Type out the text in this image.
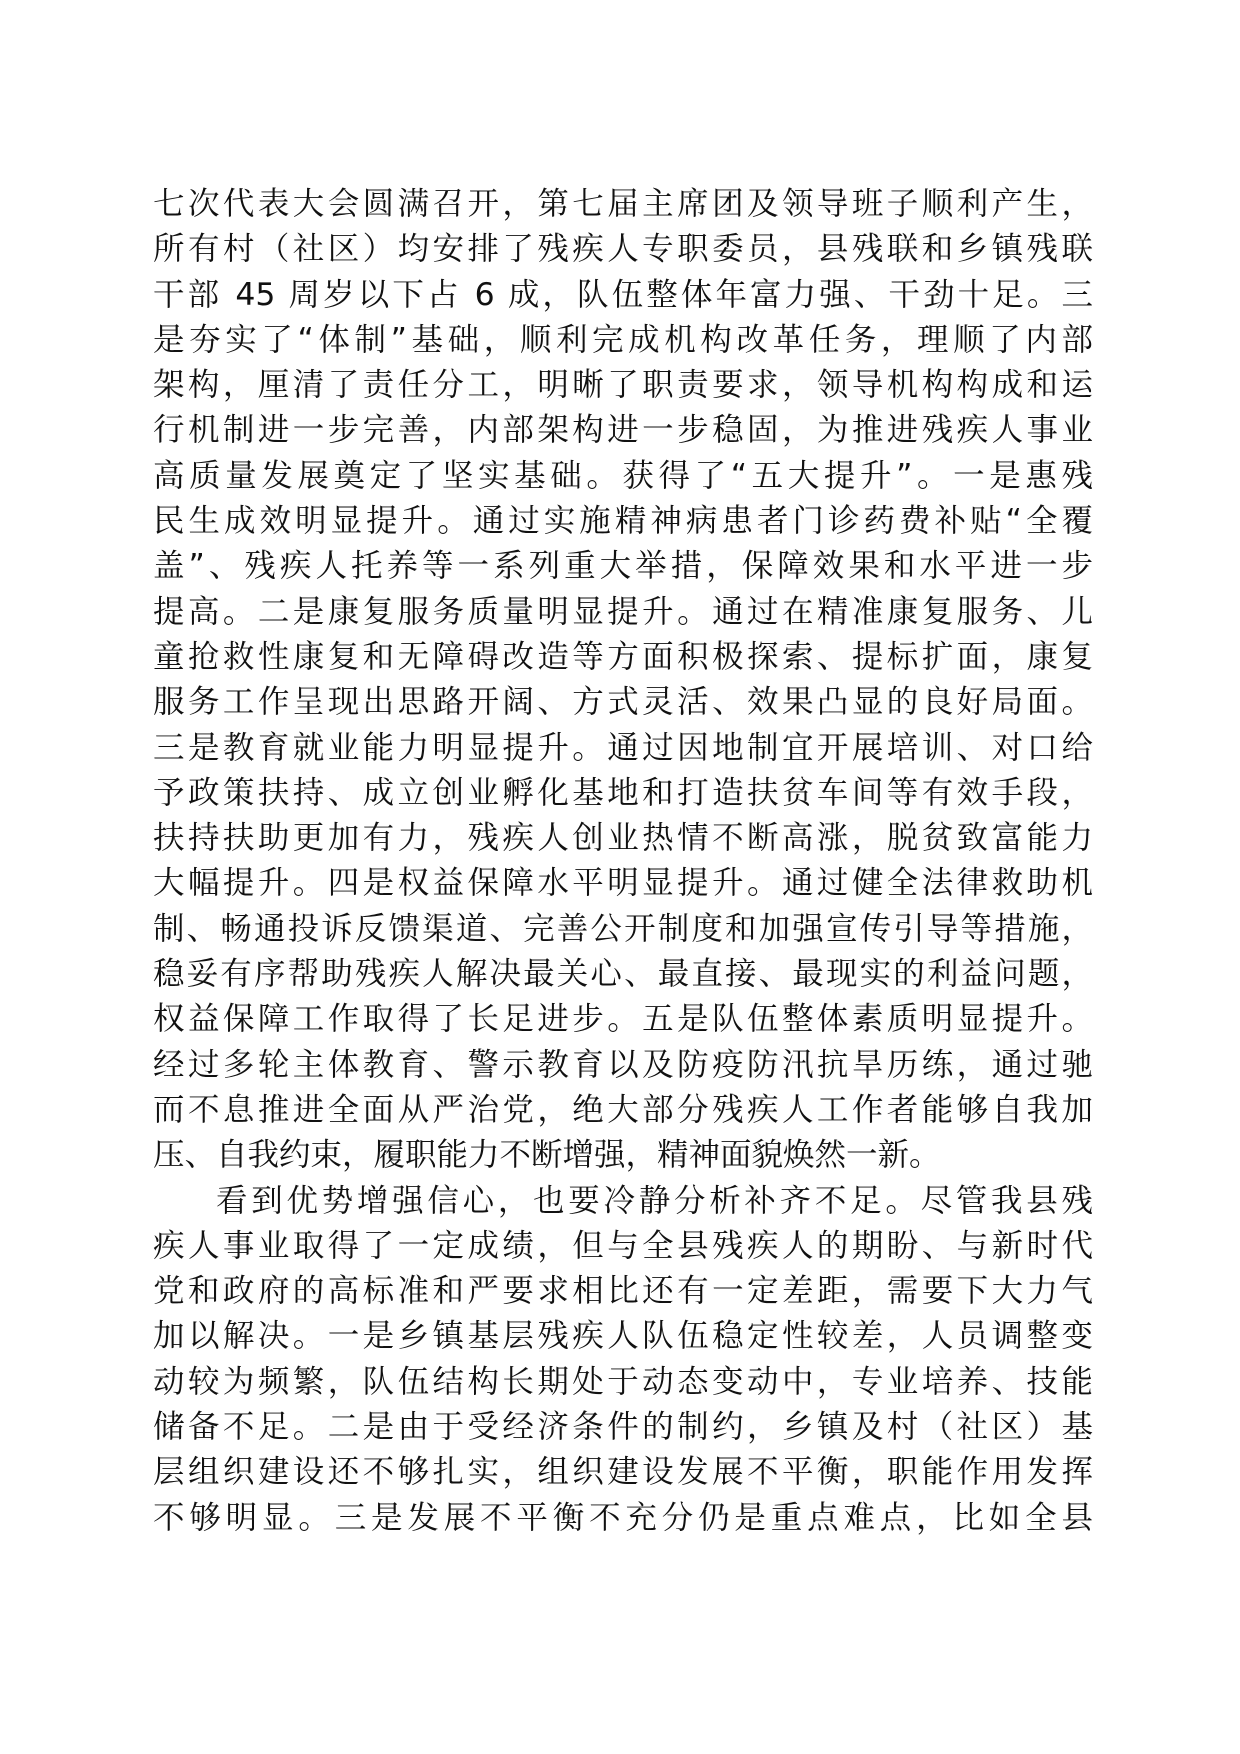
七次代表大会圆满召开，第七届主席团及领导班子顺利产生，
所有村（社区）均安排了残疾人专职委员，县残联和乡镇残联
干部 45 周岁以下占 6 成，队伍整体年富力强、干劲十足。三
是夯实了“体制”基础，顺利完成机构改革任务，理顺了内部
架构，厘清了责任分工，明晰了职责要求，领导机构构成和运
行机制进一步完善，内部架构进一步稳固，为推进残疾人事业
高质量发展奠定了坚实基础。获得了“五大提升”。一是惠残
民生成效明显提升。通过实施精神病患者门诊药费补贴“全覆
盖”、残疾人托养等一系列重大举措，保障效果和水平进一步
提高。二是康复服务质量明显提升。通过在精准康复服务、儿
童抢救性康复和无障碍改造等方面积极探索、提标扩面，康复
服务工作呈现出思路开阔、方式灵活、效果凸显的良好局面。
三是教育就业能力明显提升。通过因地制宜开展培训、对口给
予政策扶持、成立创业孵化基地和打造扶贫车间等有效手段，
扶持扶助更加有力，残疾人创业热情不断高涨，脱贫致富能力
大幅提升。四是权益保障水平明显提升。通过健全法律救助机
制、畅通投诉反馈渠道、完善公开制度和加强宣传引导等措施，
稳妥有序帮助残疾人解决最关心、最直接、最现实的利益问题，
权益保障工作取得了长足进步。五是队伍整体素质明显提升。
经过多轮主体教育、警示教育以及防疫防汛抗旱历练，通过驰
而不息推进全面从严治党，绝大部分残疾人工作者能够自我加
压、自我约束，履职能力不断增强，精神面貌焕然一新。
看到优势增强信心，也要冷静分析补齐不足。尽管我县残
疾人事业取得了一定成绩，但与全县残疾人的期盼、与新时代
党和政府的高标准和严要求相比还有一定差距，需要下大力气
加以解决。一是乡镇基层残疾人队伍稳定性较差，人员调整变
动较为频繁，队伍结构长期处于动态变动中，专业培养、技能
储备不足。二是由于受经济条件的制约，乡镇及村（社区）基
层组织建设还不够扎实，组织建设发展不平衡，职能作用发挥
不够明显。三是发展不平衡不充分仍是重点难点，比如全县
